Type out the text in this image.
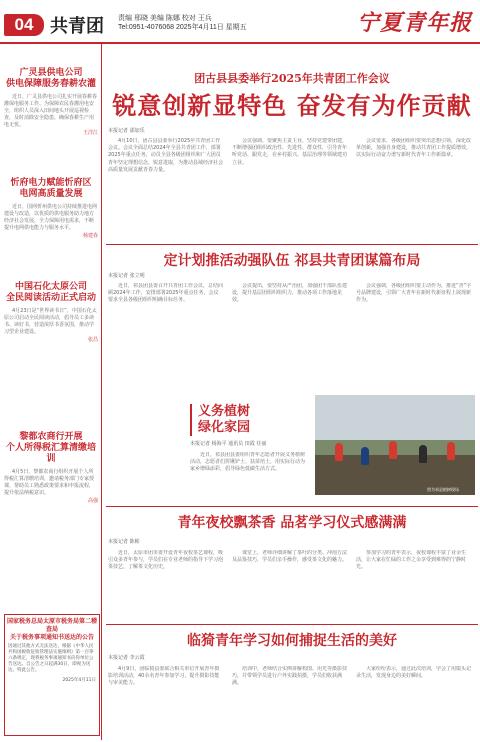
04 共青团 责编 邢晓 美编 陈娜 校对 王兵
Tel:0951-4076068 2025年4月11日 星期五	宁夏青年报
广灵县供电公司
供电保障服务春耕农灌
近日，广灵县供电公司扎实开展春耕春灌保电服务工作。为保障农民春灌用电安全，组织人员深入田间地头开展巡视检查，及时消除安全隐患，确保春耕生产用电无忧。
王洋江
忻府电力赋能忻府区
电网高质量发展
近日，国网忻州供电公司持续推进电网建设与改造，以优质的供电服务助力地方经济社会发展，全力保障用电需求，不断提升电网供电能力与服务水平。
杨建春
中国石化太原公司
全民阅读活动正式启动
4月23日是“世界读书日”，中国石化太原公司启动全民阅读活动，倡导员工多读书、读好书，营造浓厚书香氛围，推动学习型企业建设。
张昌
黎都农商行开展
个人所得税汇算清缴培训
4月5日，黎都农商行组织开展个人所得税汇算清缴培训，邀请税务部门专家授课，帮助员工熟悉政策要求和申报流程，提升依法纳税意识。
高强
国家税务总局太原市税务局第二稽查局
关于税务事项通知书送达的公告
因通过其他方式无法送达，根据《中华人民共和国税收征收管理法实施细则》第一百零六条规定，现将税务事项通知书向你单位公告送达。自公告之日起满30日，即视为送达。特此公告。
2025年4月11日
团古县县委举行2025年共青团工作会议
锐意创新显特色 奋发有为作贡献
本报记者 邵加乐
4月10日，团古县县委举行2025年共青团工作会议。会议全面总结2024年全县共青团工作，部署2025年重点任务，动员全县各级团组织和广大团员青年坚定理想信念，锐意进取，为推动县域经济社会高质量发展贡献青春力量。
会议强调，要聚焦主责主业，坚持党建带团建，不断增强团组织政治性、先进性、群众性，引导青年听党话、跟党走，在乡村振兴、基层治理等领域建功立业。
会议要求，各级团组织要突出思想引领，深化改革创新，加强自身建设，推动共青团工作提质增效，以实际行动奋力谱写新时代青年工作新篇章。
定计划推活动强队伍 祁县共青团谋篇布局
本报记者 张立明
近日，祁县团县委召开共青团工作会议，总结回顾2024年工作，安排部署2025年重点任务，会议要求全县各级团组织明确目标任务。
会议提出，要坚持从严治团，加强团干部队伍建设，提升基层团组织组织力，推动各项工作落地见效。
会议强调，各级团组织要主动作为，推进“青”字号品牌建设，引领广大青年在新时代新征程上展现新作为。
义务植树
绿化家园
本报记者 杨海平 通讯员 田霞 任丽
近日，祁县团县委组织青年志愿者开展义务植树活动，志愿者们挥锹铲土、扶苗培土，用实际行动为家乡增绿添彩，倡导绿色低碳生活方式。
图为祁县植树现场
青年夜校飘茶香 品茗学习仪式感满满
本报记者 陈彬
近日，太原市团市委开设青年夜校茶艺课程，吸引众多青年参与，学员们在专业老师的指导下学习泡茶技艺，了解茶文化历史。
课堂上，老师详细讲解了茶叶的分类、冲泡方法及品鉴技巧，学员们亲手操作，感受茶文化的魅力。
参加学习的青年表示，夜校课程丰富了业余生活，让大家在忙碌的工作之余享受到难得的宁静时光。
临猗青年学习如何捕捉生活的美好
本报记者 李云霞
4月9日，团临猗县委联合相关单位开展青年摄影培训活动，40余名青年参加学习，提升摄影技能与审美能力。
培训中，老师结合实例讲解构图、用光等摄影技巧，并带领学员进行户外实践拍摄，学员们收获满满。
大家纷纷表示，通过此次培训，学会了用镜头记录生活，发现身边的美好瞬间。
